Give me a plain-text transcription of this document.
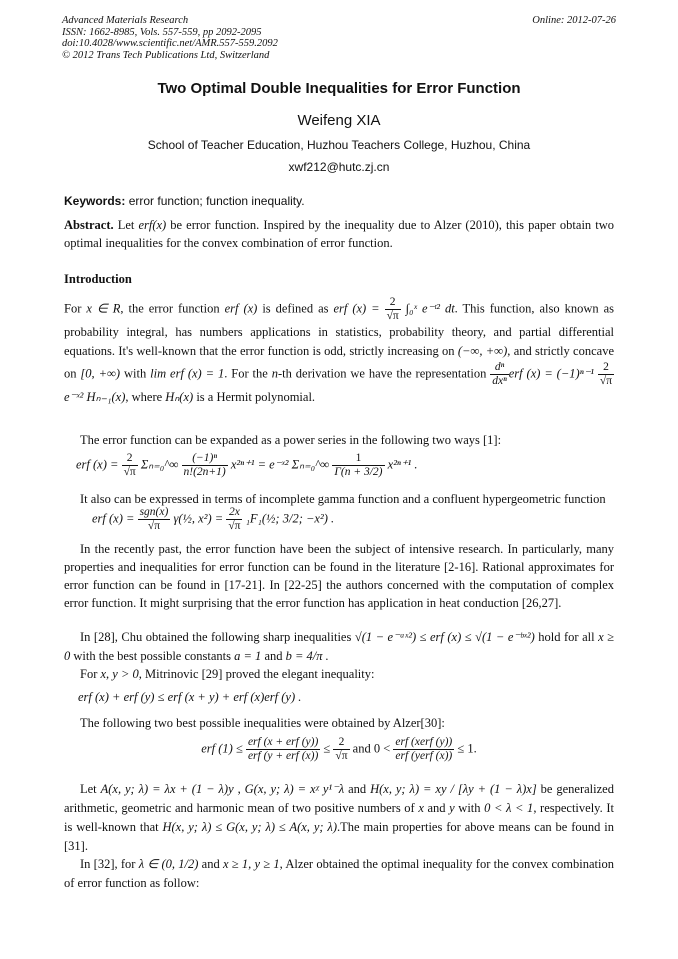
Advanced Materials Research
ISSN: 1662-8985, Vols. 557-559, pp 2092-2095
doi:10.4028/www.scientific.net/AMR.557-559.2092
© 2012 Trans Tech Publications Ltd, Switzerland
Online: 2012-07-26
Two Optimal Double Inequalities for Error Function
Weifeng XIA
School of Teacher Education, Huzhou Teachers College, Huzhou, China
xwf212@hutc.zj.cn
Keywords: error function; function inequality.
Abstract. Let erf(x) be error function. Inspired by the inequality due to Alzer (2010), this paper obtain two optimal inequalities for the convex combination of error function.
Introduction
For x ∈ R, the error function erf (x) is defined as erf $(x) = \frac{2}{√\pi}$ ∫₀ˣ e⁻ᵗ² dt. This function, also known as probability integral, has numbers applications in statistics, probability theory, and partial differential equations. It's well-known that the error function is odd, strictly increasing on (−∞, +∞), and strictly concave on [0, +∞) with lim erf (x) = 1. For the n-th derivation we have the representation $\frac{\text{dⁿ}}{\text{dxⁿ}}$ erf $(x) = (-1)^{n-1} \frac{2}{√\pi}$
e⁻ˣ² Hₙ₋₁(x), where Hₙ(x) is a Hermit polynomial.
The error function can be expanded as a power series in the following two ways [1]:
erf $(x) = \frac{2}{√\pi}$ Σₙ₌₀^∞ $\frac{\text{(−1)ⁿ}}{n!(2n+1)} x^{2n+1}$ = e⁻ˣ² Σₙ₌₀^∞ $\frac{1}{\Gamma(n + 3/2)} x^{2n+1}$ .
It also can be expressed in terms of incomplete gamma function and a confluent hypergeometric function
erf $(x) = \frac{\text{sgn(x)}}{√\pi}$ γ(½, $x^2) = \frac{2x}{√\pi}$ ₁F₁(½; 3/2; −x²) .
In the recently past, the error function have been the subject of intensive research. In particularly, many properties and inequalities for error function can be found in the literature [2-16]. Rational approximates for error function can be found in [17-21]. In [22-25] the authors concerned with the computation of complex error function. It might surprising that the error function has application in heat conduction [26,27].
In [28], Chu obtained the following sharp inequalities √(1 − e⁻ᵃˣ²) ≤ erf (x) ≤ √(1 − e⁻ᵇˣ²) hold for all x ≥ 0 with the best possible constants a = 1 and b = 4/π .
For x, y > 0, Mitrinovic [29] proved the elegant inequality:
erf (x) + erf (y) ≤ erf (x + y) + erf (x)erf (y) .
The following two best possible inequalities were obtained by Alzer[30]:
erf $(1) \le \frac{\text{erf (x + erf (y))}}{\text{erf (y + erf (x))}} \le \frac{2}{√\pi}$ and $0 < \frac{\text{erf (xerf (y))}}{\text{erf (yerf (x))}} \le 1$.
Let A(x, y; λ) = λx + (1 − λ)y , G(x, y; λ) = xᵡ y¹⁻λ and H(x, y; λ) = xy / [λy + (1 − λ)x] be generalized arithmetic, geometric and harmonic mean of two positive numbers of x and y with 0 < λ < 1, respectively. It is well-known that H(x, y; λ) ≤ G(x, y; λ) ≤ A(x, y; λ).The main properties for above means can be found in [31].
In [32], for λ ∈ (0, 1/2) and x ≥ 1, y ≥ 1, Alzer obtained the optimal inequality for the convex combination of error function as follow:
